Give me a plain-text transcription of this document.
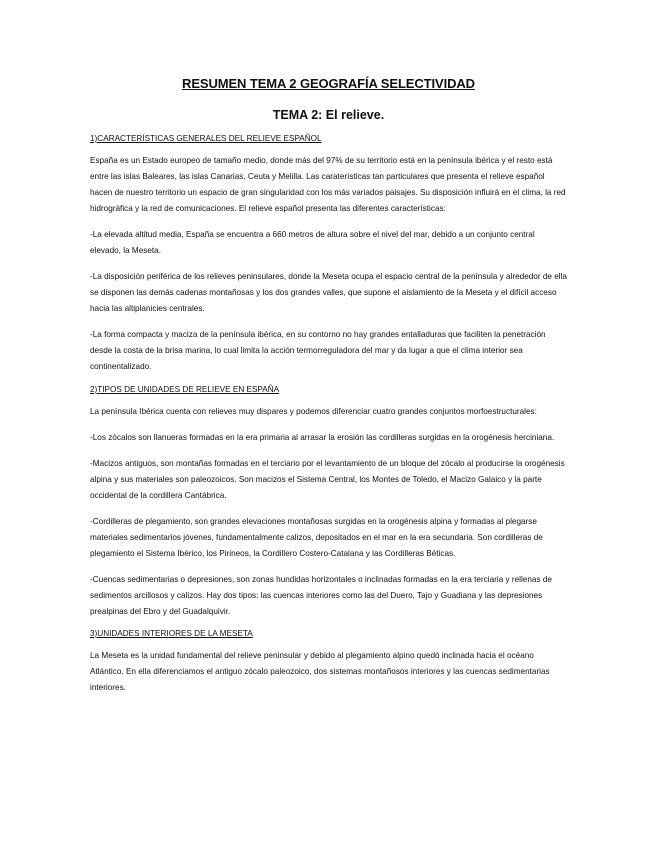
RESUMEN TEMA 2 GEOGRAFÍA SELECTIVIDAD
TEMA 2: El relieve.
1)CARACTERÍSTICAS GENERALES DEL RELIEVE ESPAÑOL

España es un Estado europeo de tamaño medio, donde más del 97% de su territorio está en la península ibérica y el resto está entre las islas Baleares, las islas Canarias, Ceuta y Melilla. Las caraterísticas tan particulares que presenta el relieve español hacen de nuestro territorio un espacio de gran singularidad con los más variados paisajes. Su disposición influirá en el clima, la red hidrográfica y la red de comunicaciones. El relieve español presenta las diferentes características:

-La elevada altitud media, España se encuentra a 660 metros de altura sobre el nivel del mar, debido a un conjunto central elevado, la Meseta.

-La disposición periférica de los relieves peninsulares, donde la Meseta ocupa el espacio central de la península y alrededor de ella se disponen las demás cadenas montañosas y los dos grandes valles, que supone el aislamiento de la Meseta y el difícil acceso hacia las altiplanicies centrales.

-La forma compacta y maciza de la península ibérica, en su contorno no hay grandes entalladuras que faciliten la penetración desde la costa de la brisa marina, lo cual limita la acción termorreguladora del mar y da lugar a que el clima interior sea continentalizado.

2)TIPOS DE UNIDADES DE RELIEVE EN ESPAÑA

La península Ibérica cuenta con relieves muy dispares y podemos diferenciar cuatro grandes conjuntos morfoestructurales:

-Los zócalos son llanueras formadas en la era primaria al arrasar la erosión las cordilleras surgidas en la orogénesis herciniana.

-Macizos antiguos, son montañas formadas en el terciario por el levantamiento de un bloque del zócalo al producirse la orogénesis alpina y sus materiales son paleozoicos. Son macizos el Sistema Central, los Montes de Toledo, el Macizo Galaico y la parte occidental de la cordillera Cantábrica.

-Cordilleras de plegamiento, son grandes elevaciones montañosas surgidas en la orogénesis alpina y formadas al plegarse materiales sedimentarios jóvenes, fundamentalmente calizos, depositados en el mar en la era secundaria. Son cordilleras de plegamiento el Sistema Ibérico, los Pirineos, la Cordillero Costero-Catalana y las Cordilleras Béticas.

-Cuencas sedimentarias o depresiones, son zonas hundidas horizontales o inclinadas formadas en la era terciaria y rellenas de sedimentos arcillosos y calizos. Hay dos tipos: las cuencas interiores como las del Duero, Tajo y Guadiana y las depresiones prealpinas del Ebro y del Guadalquivir.

3)UNIDADES INTERIORES DE LA MESETA

La Meseta es la unidad fundamental del relieve peninsular y debido al plegamiento alpino quedó inclinada hacia el océano Atlántico. En ella diferenciamos el antiguo zócalo paleozoico, dos sistemas montañosos interiores y las cuencas sedimentarias interiores.
